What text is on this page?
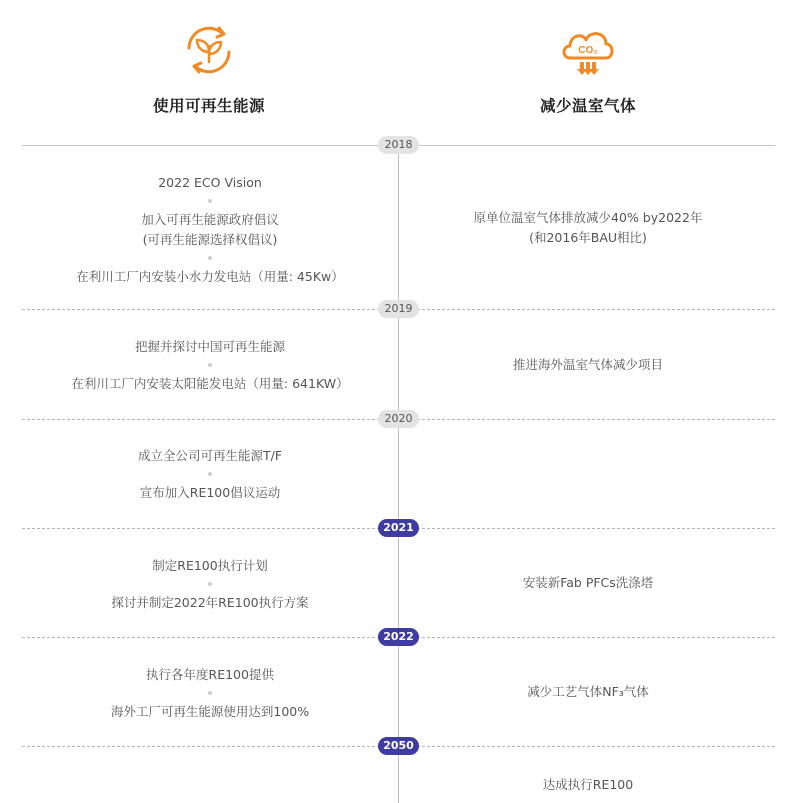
使用可再生能源
CO₂
减少温室气体
2018
2022 ECO Vision
加入可再生能源政府倡议
(可再生能源选择权倡议)
在利川工厂内安装小水力发电站（用量: 45Kw）
原单位温室气体排放减少40% by2022年
(和2016年BAU相比)
2019
把握并探讨中国可再生能源
在利川工厂内安装太阳能发电站（用量: 641KW）
推进海外温室气体减少项目
2020
成立全公司可再生能源T/F
宣布加入RE100倡议运动
2021
制定RE100执行计划
探讨并制定2022年RE100执行方案
安装新Fab PFCs洗涤塔
2022
执行各年度RE100提供
海外工厂可再生能源使用达到100%
减少工艺气体NF₃气体
2050
达成执行RE100
